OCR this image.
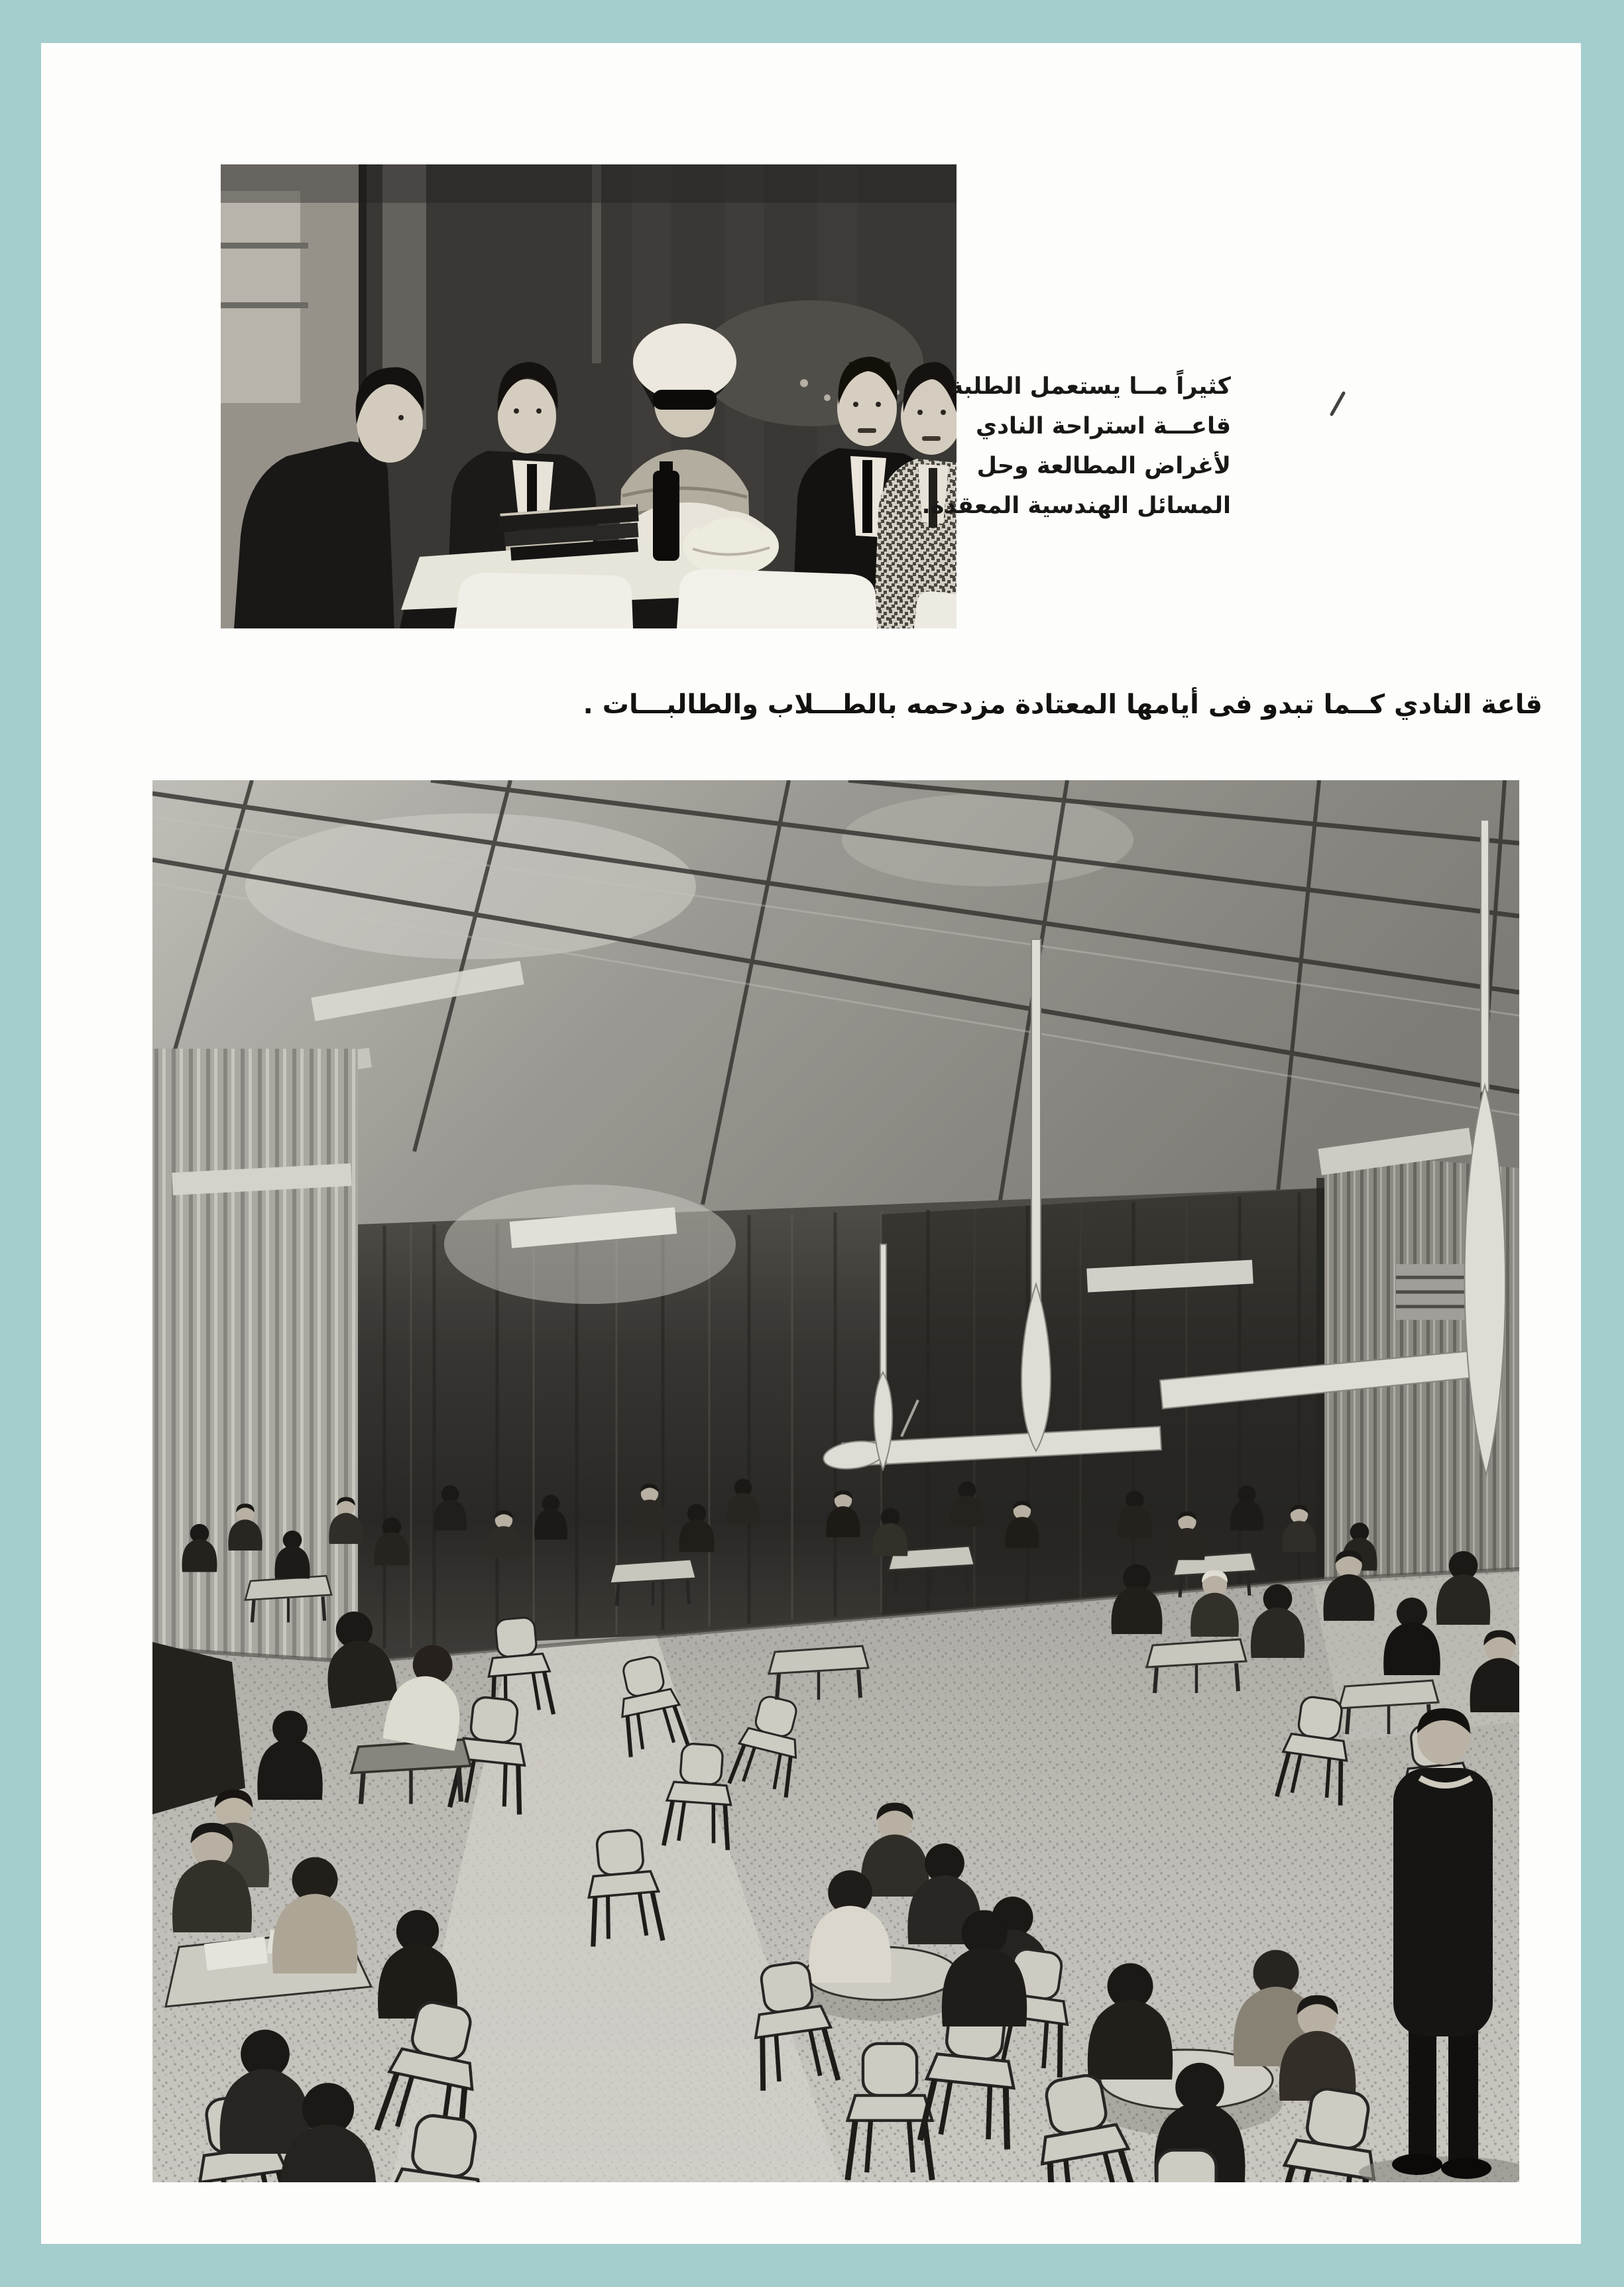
كثيراً مــا يستعمل الطلبة
قاعـــة استراحة النادي
لأغراض المطالعة وحل
المسائل الهندسية المعقدة.
قاعة النادي كــما تبدو فى أيامها المعتادة مزدحمه بالطـــلاب والطالبـــات .
